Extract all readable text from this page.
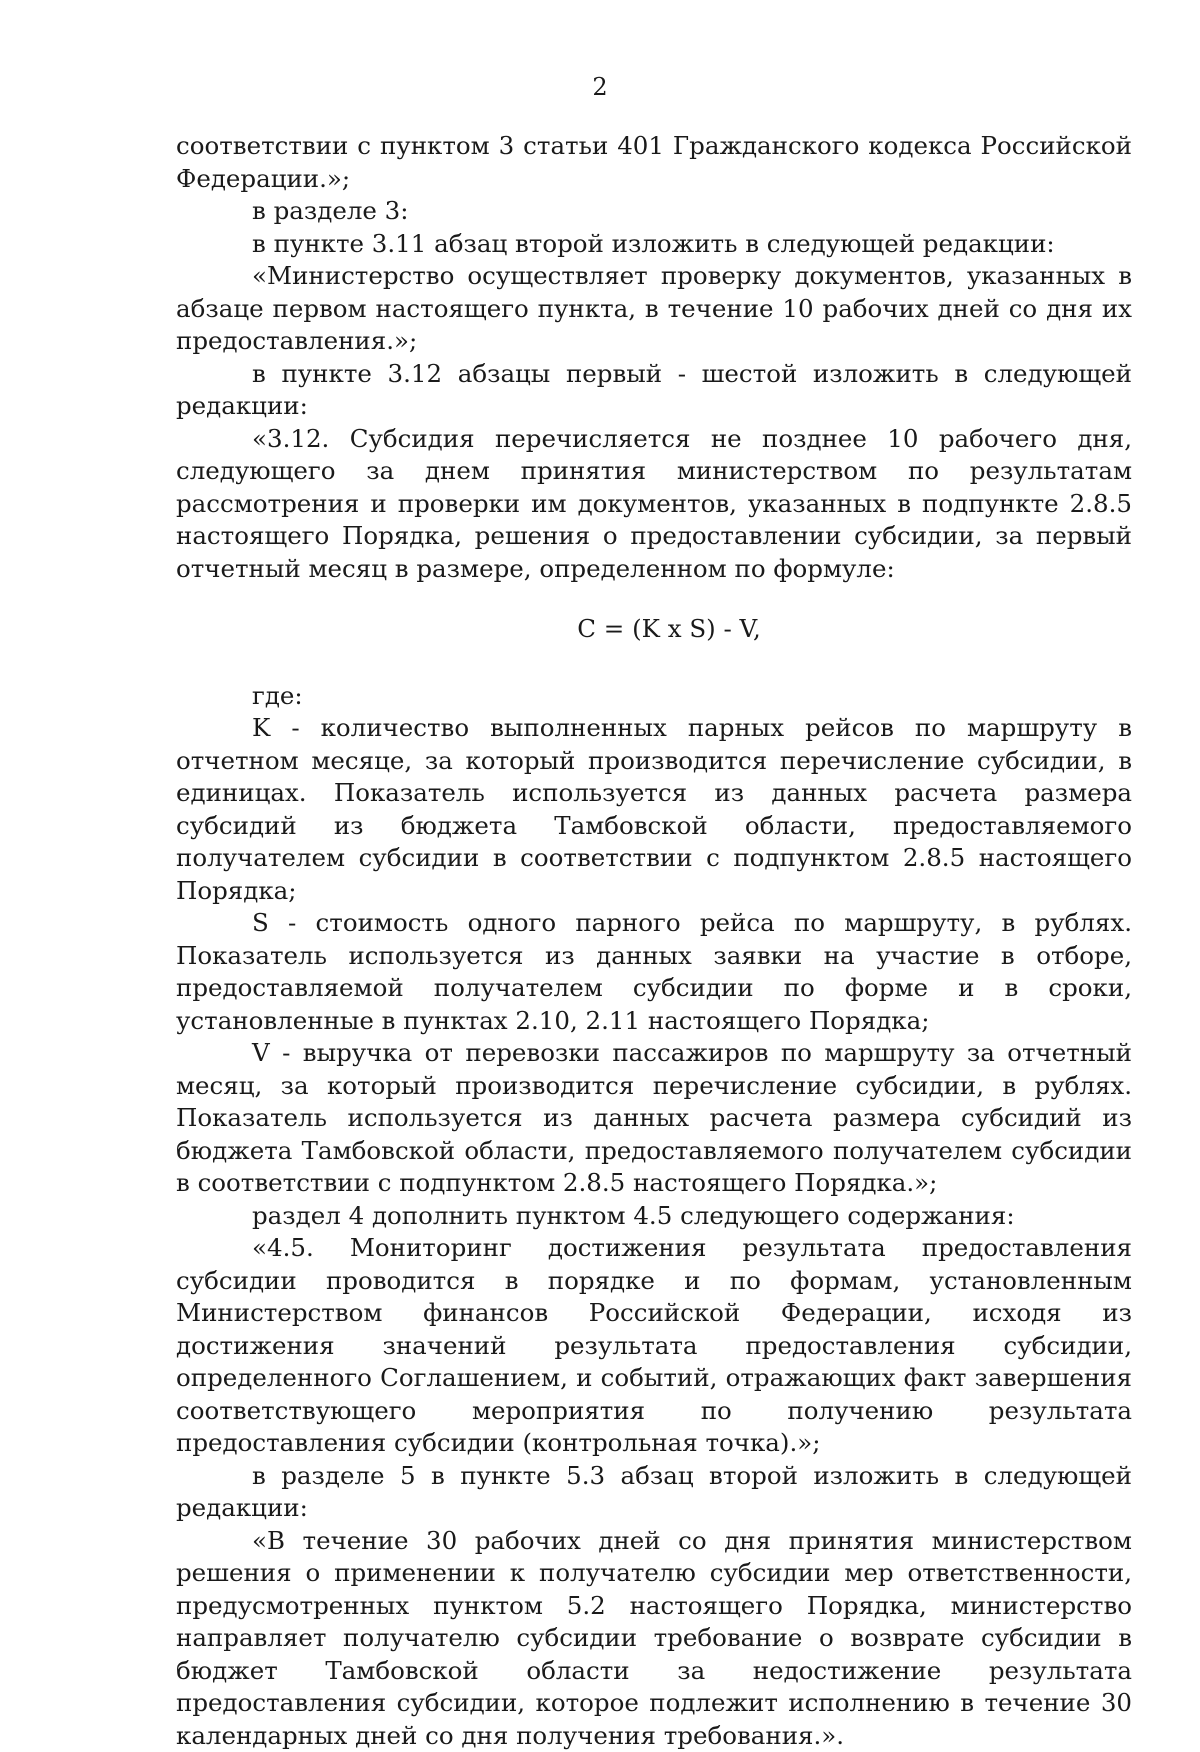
2

соответствии с пунктом 3 статьи 401 Гражданского кодекса Российской Федерации.»;

в разделе 3:

в пункте 3.11 абзац второй изложить в следующей редакции:

«Министерство осуществляет проверку документов, указанных в абзаце первом настоящего пункта, в течение 10 рабочих дней со дня их предоставления.»;

в пункте 3.12 абзацы первый - шестой изложить в следующей редакции:

«3.12. Субсидия перечисляется не позднее 10 рабочего дня, следующего за днем принятия министерством по результатам рассмотрения и проверки им документов, указанных в подпункте 2.8.5 настоящего Порядка, решения о предоставлении субсидии, за первый отчетный месяц в размере, определенном по формуле:

C = (K x S) - V,

где:

K - количество выполненных парных рейсов по маршруту в отчетном месяце, за который производится перечисление субсидии, в единицах. Показатель используется из данных расчета размера субсидий из бюджета Тамбовской области, предоставляемого получателем субсидии в соответствии с подпунктом 2.8.5 настоящего Порядка;

S - стоимость одного парного рейса по маршруту, в рублях. Показатель используется из данных заявки на участие в отборе, предоставляемой получателем субсидии по форме и в сроки, установленные в пунктах 2.10, 2.11 настоящего Порядка;

V - выручка от перевозки пассажиров по маршруту за отчетный месяц, за который производится перечисление субсидии, в рублях. Показатель используется из данных расчета размера субсидий из бюджета Тамбовской области, предоставляемого получателем субсидии в соответствии с подпунктом 2.8.5 настоящего Порядка.»;

раздел 4 дополнить пунктом 4.5 следующего содержания:

«4.5. Мониторинг достижения результата предоставления субсидии проводится в порядке и по формам, установленным Министерством финансов Российской Федерации, исходя из достижения значений результата предоставления субсидии, определенного Соглашением, и событий, отражающих факт завершения соответствующего мероприятия по получению результата предоставления субсидии (контрольная точка).»;

в разделе 5 в пункте 5.3 абзац второй изложить в следующей редакции:

«В течение 30 рабочих дней со дня принятия министерством решения о применении к получателю субсидии мер ответственности, предусмотренных пунктом 5.2 настоящего Порядка, министерство направляет получателю субсидии требование о возврате субсидии в бюджет Тамбовской области за недостижение результата предоставления субсидии, которое подлежит исполнению в течение 30 календарных дней со дня получения требования.».
